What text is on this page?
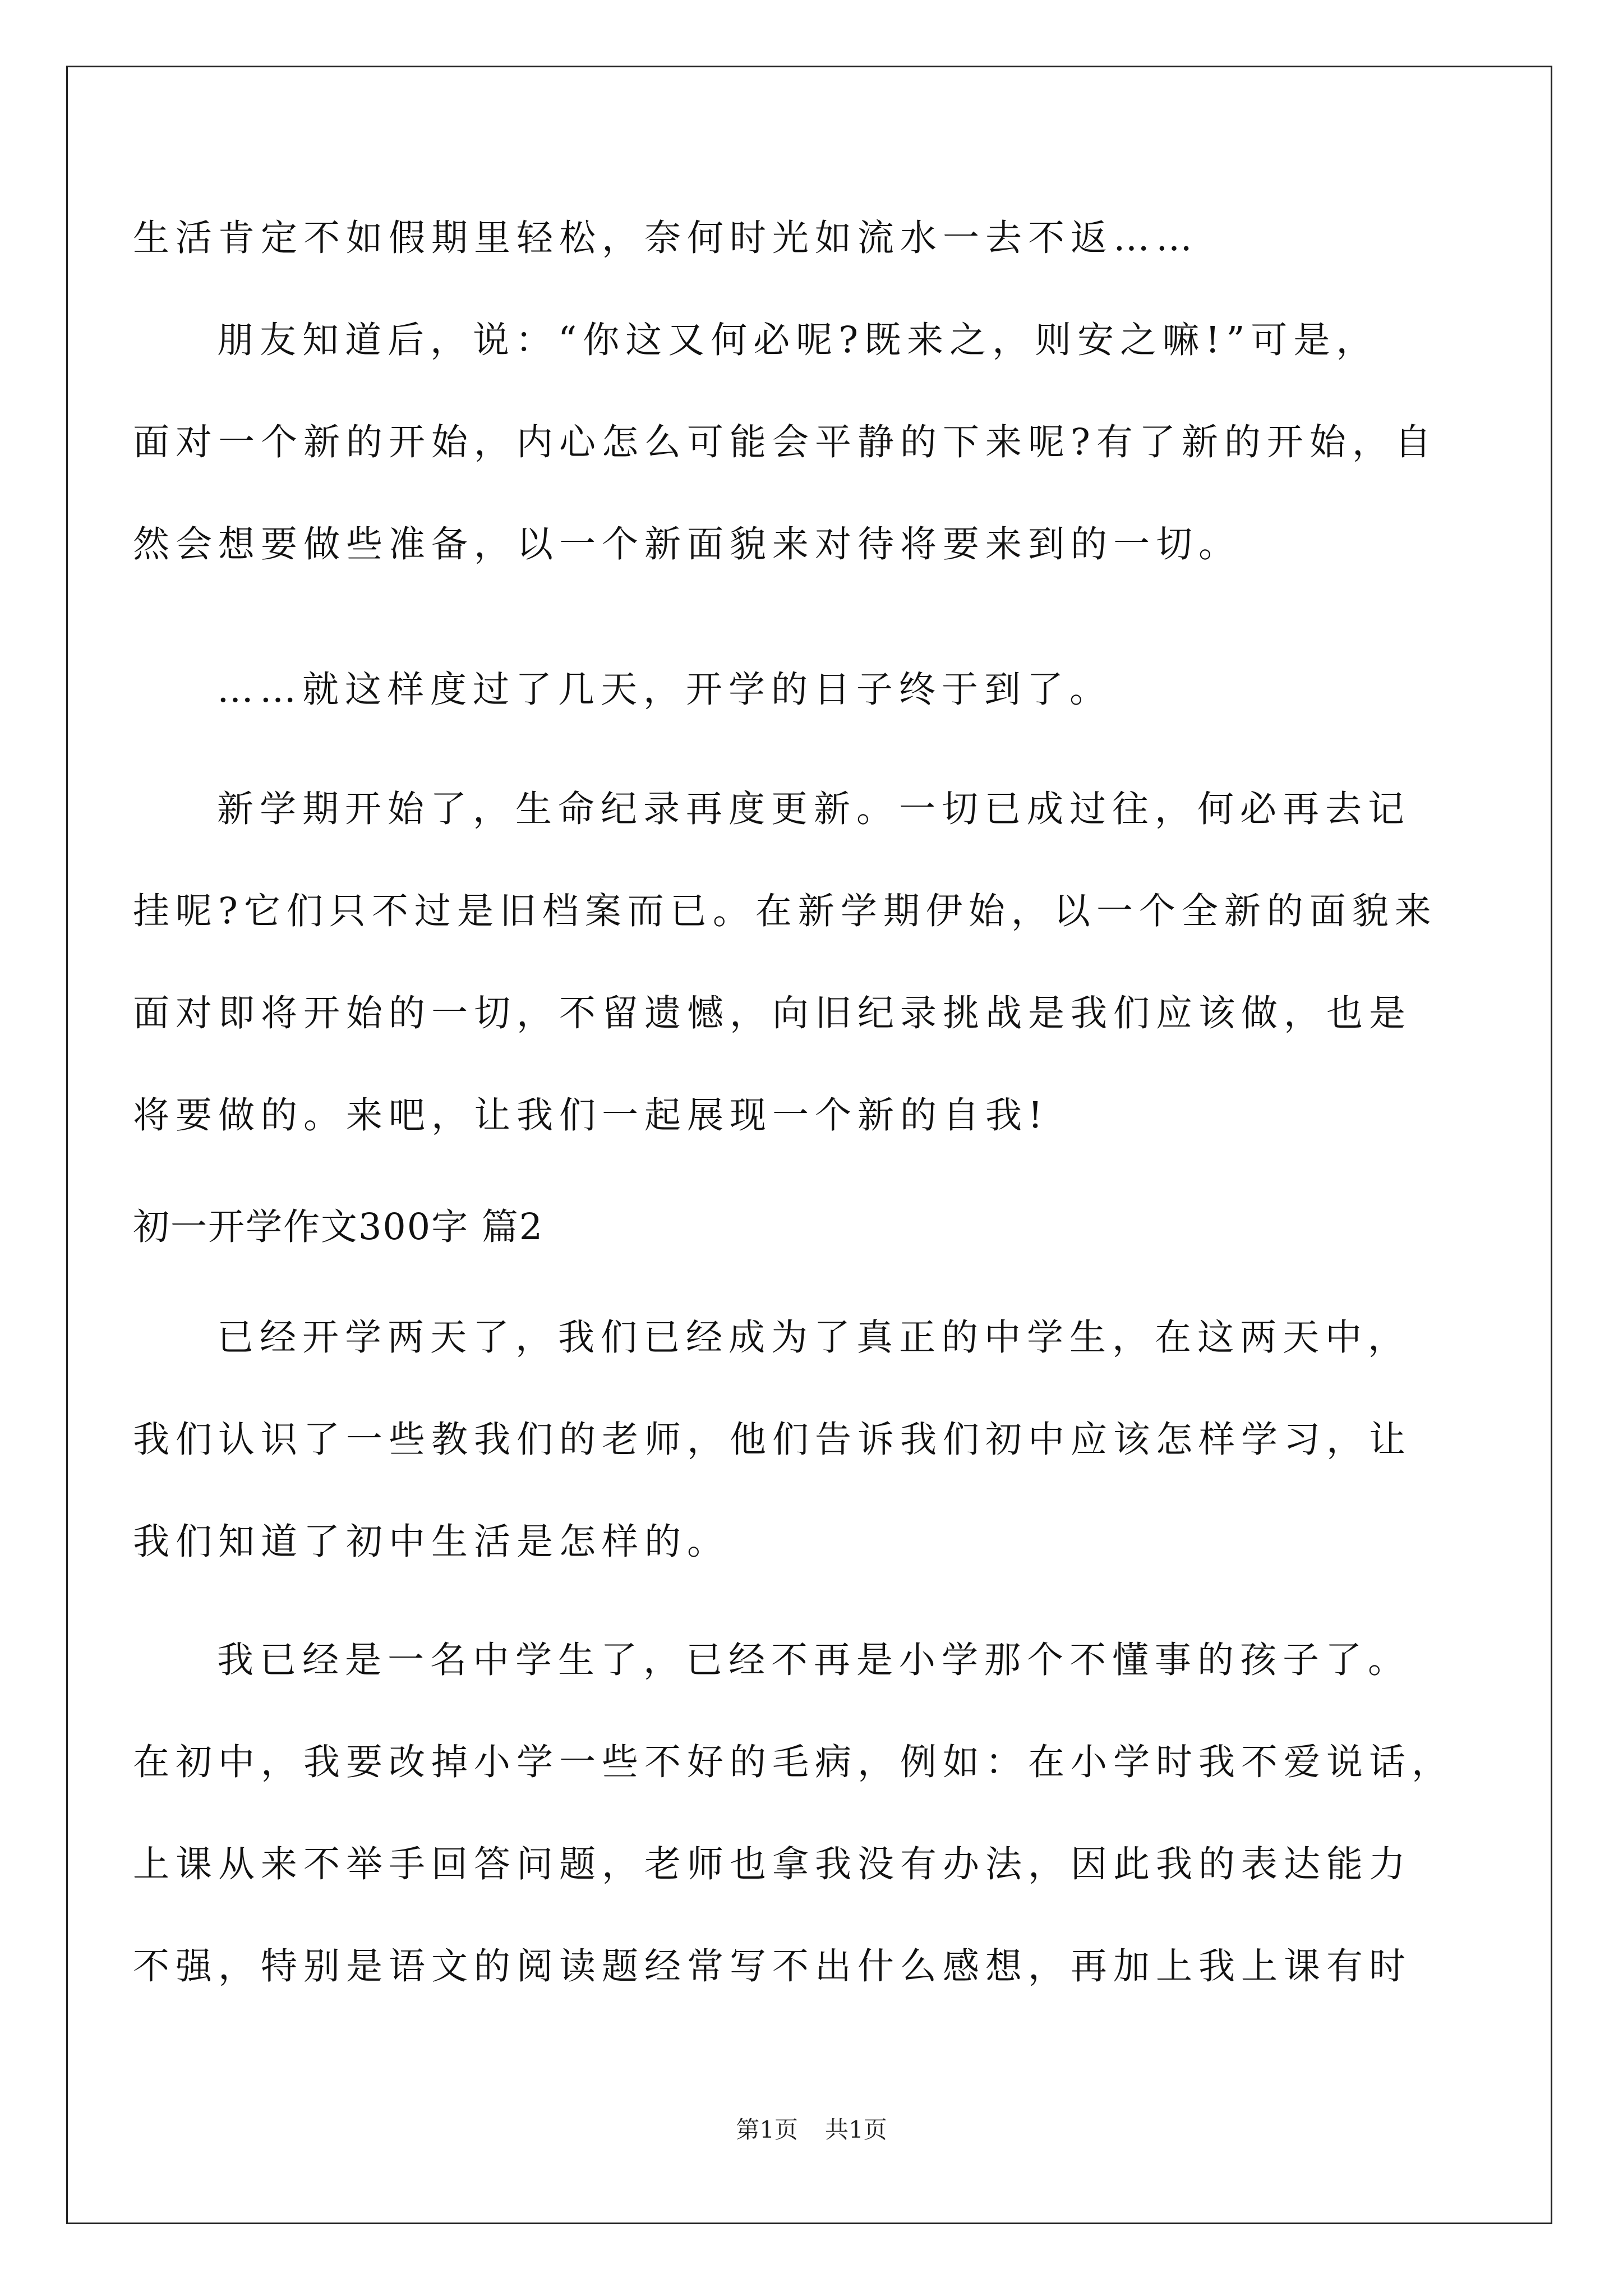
生活肯定不如假期里轻松，奈何时光如流水一去不返……
朋友知道后，说：“你这又何必呢?既来之，则安之嘛!”可是，
面对一个新的开始，内心怎么可能会平静的下来呢?有了新的开始，自
然会想要做些准备，以一个新面貌来对待将要来到的一切。
……就这样度过了几天，开学的日子终于到了。
新学期开始了，生命纪录再度更新。一切已成过往，何必再去记
挂呢?它们只不过是旧档案而已。在新学期伊始，以一个全新的面貌来
面对即将开始的一切，不留遗憾，向旧纪录挑战是我们应该做，也是
将要做的。来吧，让我们一起展现一个新的自我!
初一开学作文300字 篇2
已经开学两天了，我们已经成为了真正的中学生，在这两天中，
我们认识了一些教我们的老师，他们告诉我们初中应该怎样学习，让
我们知道了初中生活是怎样的。
我已经是一名中学生了，已经不再是小学那个不懂事的孩子了。
在初中，我要改掉小学一些不好的毛病，例如：在小学时我不爱说话，
上课从来不举手回答问题，老师也拿我没有办法，因此我的表达能力
不强，特别是语文的阅读题经常写不出什么感想，再加上我上课有时
第1页 共1页
